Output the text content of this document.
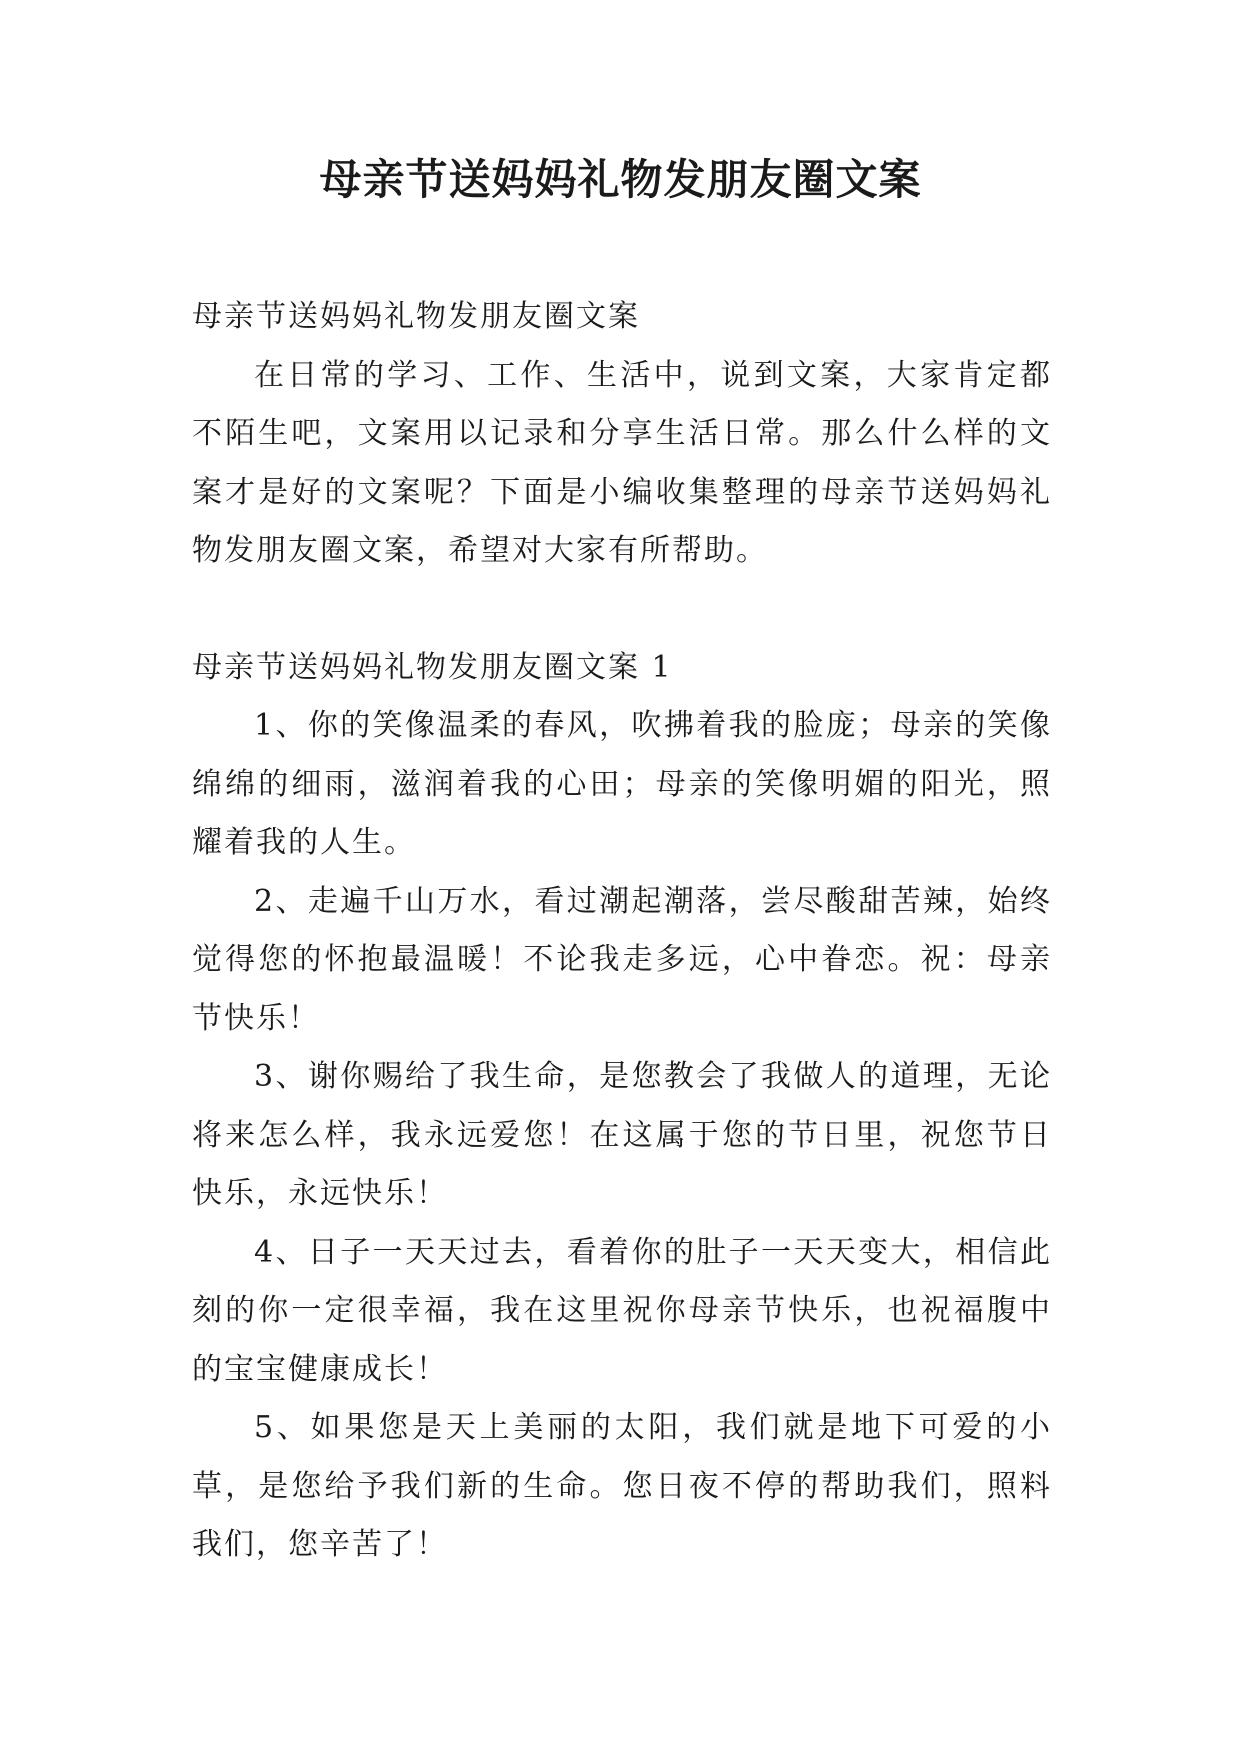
母亲节送妈妈礼物发朋友圈文案

母亲节送妈妈礼物发朋友圈文案

在日常的学习、工作、生活中，说到文案，大家肯定都不陌生吧，文案用以记录和分享生活日常。那么什么样的文案才是好的文案呢？下面是小编收集整理的母亲节送妈妈礼物发朋友圈文案，希望对大家有所帮助。

母亲节送妈妈礼物发朋友圈文案 1

1、你的笑像温柔的春风，吹拂着我的脸庞；母亲的笑像绵绵的细雨，滋润着我的心田；母亲的笑像明媚的阳光，照耀着我的人生。

2、走遍千山万水，看过潮起潮落，尝尽酸甜苦辣，始终觉得您的怀抱最温暖！不论我走多远，心中眷恋。祝：母亲节快乐！

3、谢你赐给了我生命，是您教会了我做人的道理，无论将来怎么样，我永远爱您！在这属于您的节日里，祝您节日快乐，永远快乐！

4、日子一天天过去，看着你的肚子一天天变大，相信此刻的你一定很幸福，我在这里祝你母亲节快乐，也祝福腹中的宝宝健康成长！

5、如果您是天上美丽的太阳，我们就是地下可爱的小草，是您给予我们新的生命。您日夜不停的帮助我们，照料我们，您辛苦了！
